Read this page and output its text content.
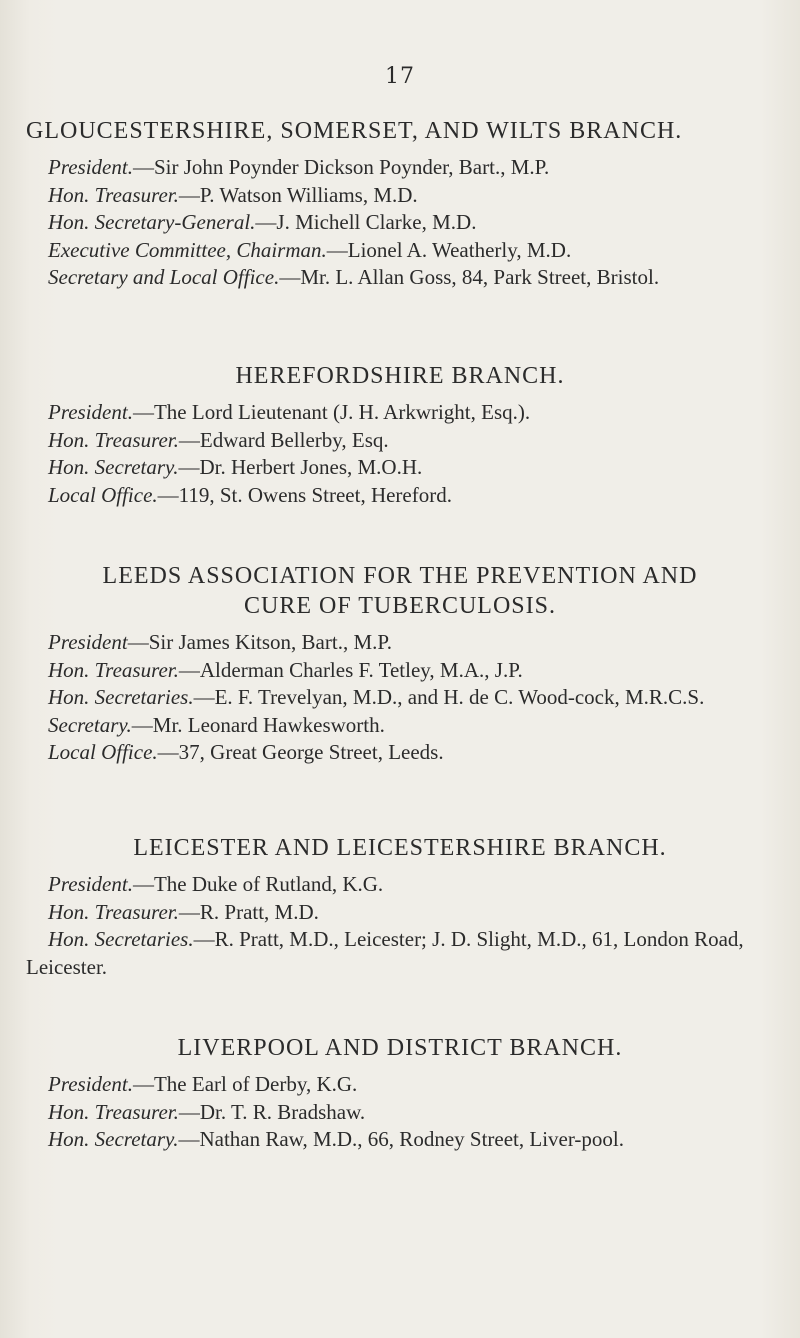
17

GLOUCESTERSHIRE, SOMERSET, AND WILTS BRANCH.

President.—Sir John Poynder Dickson Poynder, Bart., M.P.

Hon. Treasurer.—P. Watson Williams, M.D.

Hon. Secretary-General.—J. Michell Clarke, M.D.

Executive Committee, Chairman.—Lionel A. Weatherly, M.D.

Secretary and Local Office.—Mr. L. Allan Goss, 84, Park Street, Bristol.

HEREFORDSHIRE BRANCH.

President.—The Lord Lieutenant (J. H. Arkwright, Esq.).

Hon. Treasurer.—Edward Bellerby, Esq.

Hon. Secretary.—Dr. Herbert Jones, M.O.H.

Local Office.—119, St. Owens Street, Hereford.

LEEDS ASSOCIATION FOR THE PREVENTION AND

CURE OF TUBERCULOSIS.

President—Sir James Kitson, Bart., M.P.

Hon. Treasurer.—Alderman Charles F. Tetley, M.A., J.P.

Hon. Secretaries.—E. F. Trevelyan, M.D., and H. de C. Wood-cock, M.R.C.S.

Secretary.—Mr. Leonard Hawkesworth.

Local Office.—37, Great George Street, Leeds.

LEICESTER AND LEICESTERSHIRE BRANCH.

President.—The Duke of Rutland, K.G.

Hon. Treasurer.—R. Pratt, M.D.

Hon. Secretaries.—R. Pratt, M.D., Leicester; J. D. Slight, M.D., 61, London Road, Leicester.

LIVERPOOL AND DISTRICT BRANCH.

President.—The Earl of Derby, K.G.

Hon. Treasurer.—Dr. T. R. Bradshaw.

Hon. Secretary.—Nathan Raw, M.D., 66, Rodney Street, Liver-pool.
